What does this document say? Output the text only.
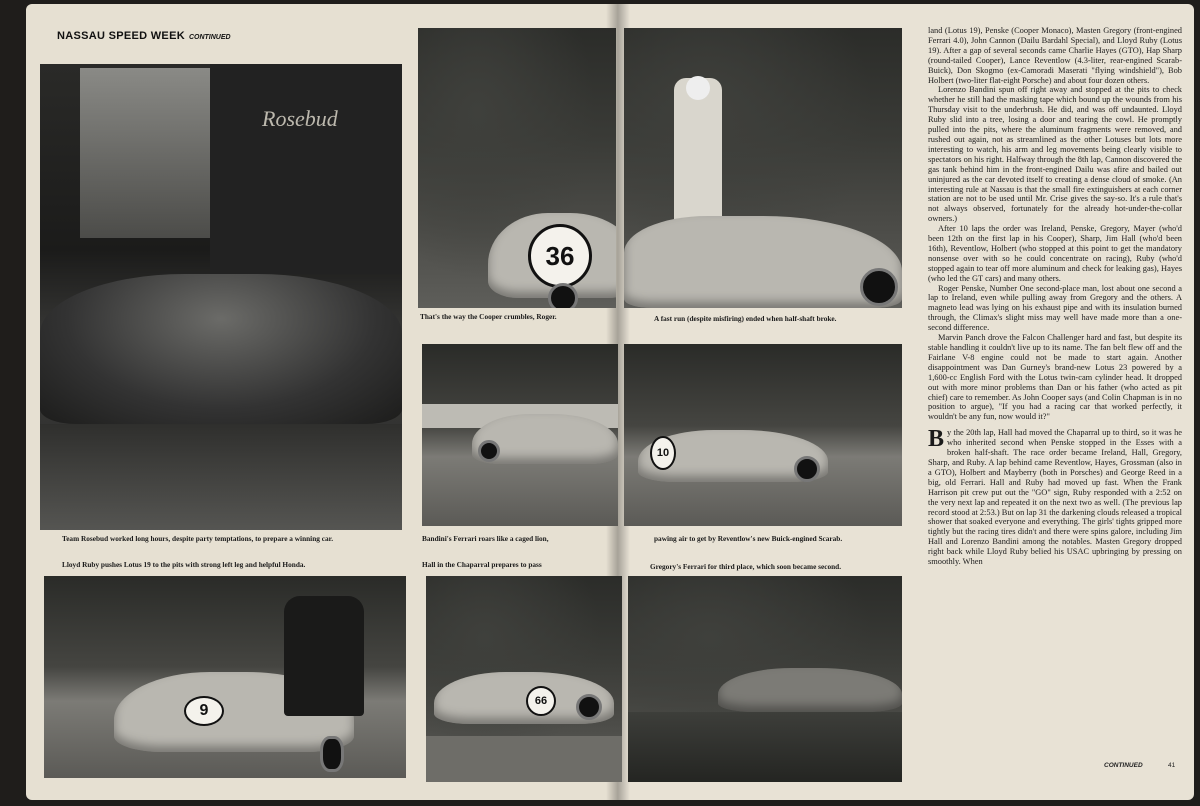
NASSAU SPEED WEEK CONTINUED
Rosebud
36
That's the way the Cooper crumbles, Roger.	A fast run (despite misfiring) ended when half-shaft broke.
10
Team Rosebud worked long hours, despite party temptations, to prepare a winning car.	Bandini's Ferrari roars like a caged lion,	pawing air to get by Reventlow's new Buick-engined Scarab.
Lloyd Ruby pushes Lotus 19 to the pits with strong left leg and helpful Honda.	Hall in the Chaparral prepares to pass	Gregory's Ferrari for third place, which soon became second.
9
66

land (Lotus 19), Penske (Cooper Monaco), Masten Gregory (front-engined Ferrari 4.0), John Cannon (Dailu Bardahl Special), and Lloyd Ruby (Lotus 19). After a gap of several seconds came Charlie Hayes (GTO), Hap Sharp (round-tailed Cooper), Lance Reventlow (4.3-liter, rear-engined Scarab-Buick), Don Skogmo (ex-Camoradi Maserati "flying windshield"), Bob Holbert (two-liter flat-eight Porsche) and about four dozen others.

Lorenzo Bandini spun off right away and stopped at the pits to check whether he still had the masking tape which bound up the wounds from his Thursday visit to the underbrush. He did, and was off undaunted. Lloyd Ruby slid into a tree, losing a door and tearing the cowl. He promptly pulled into the pits, where the aluminum fragments were removed, and rushed out again, not as streamlined as the other Lotuses but lots more interesting to watch, his arm and leg movements being clearly visible to spectators on his right. Halfway through the 8th lap, Cannon discovered the gas tank behind him in the front-engined Dailu was afire and bailed out uninjured as the car devoted itself to creating a dense cloud of smoke. (An interesting rule at Nassau is that the small fire extinguishers at each corner station are not to be used until Mr. Crise gives the say-so. It's a rule that's not always observed, fortunately for the already hot-under-the-collar owners.)

After 10 laps the order was Ireland, Penske, Gregory, Mayer (who'd been 12th on the first lap in his Cooper), Sharp, Jim Hall (who'd been 16th), Reventlow, Holbert (who stopped at this point to get the mandatory nonsense over with so he could concentrate on racing), Ruby (who'd stopped again to tear off more aluminum and check for leaking gas), Hayes (who led the GT cars) and many others.

Roger Penske, Number One second-place man, lost about one second a lap to Ireland, even while pulling away from Gregory and the others. A magneto lead was lying on his exhaust pipe and with its insulation burned through, the Climax's slight miss may well have made more than a one-second difference.

Marvin Panch drove the Falcon Challenger hard and fast, but despite its stable handling it couldn't live up to its name. The fan belt flew off and the Fairlane V-8 engine could not be made to start again. Another disappointment was Dan Gurney's brand-new Lotus 23 powered by a 1,600-cc English Ford with the Lotus twin-cam cylinder head. It dropped out with more minor problems than Dan or his father (who acted as pit chief) care to remember. As John Cooper says (and Colin Chapman is in no position to argue), "If you had a racing car that worked perfectly, it wouldn't be any fun, now would it?"

By the 20th lap, Hall had moved the Chaparral up to third, so it was he who inherited second when Penske stopped in the Esses with a broken half-shaft. The race order became Ireland, Hall, Gregory, Sharp, and Ruby. A lap behind came Reventlow, Hayes, Grossman (also in a GTO), Holbert and Mayberry (both in Porsches) and George Reed in a big, old Ferrari. Hall and Ruby had moved up fast. When the Frank Harrison pit crew put out the "GO" sign, Ruby responded with a 2:52 on the very next lap and repeated it on the next two as well. (The previous lap record stood at 2:53.) But on lap 31 the darkening clouds released a tropical shower that soaked everyone and everything. The girls' tights gripped more tightly but the racing tires didn't and there were spins galore, including Jim Hall and Lorenzo Bandini among the notables. Masten Gregory dropped right back while Lloyd Ruby belied his USAC upbringing by pressing on smoothly. When

CONTINUED	41
